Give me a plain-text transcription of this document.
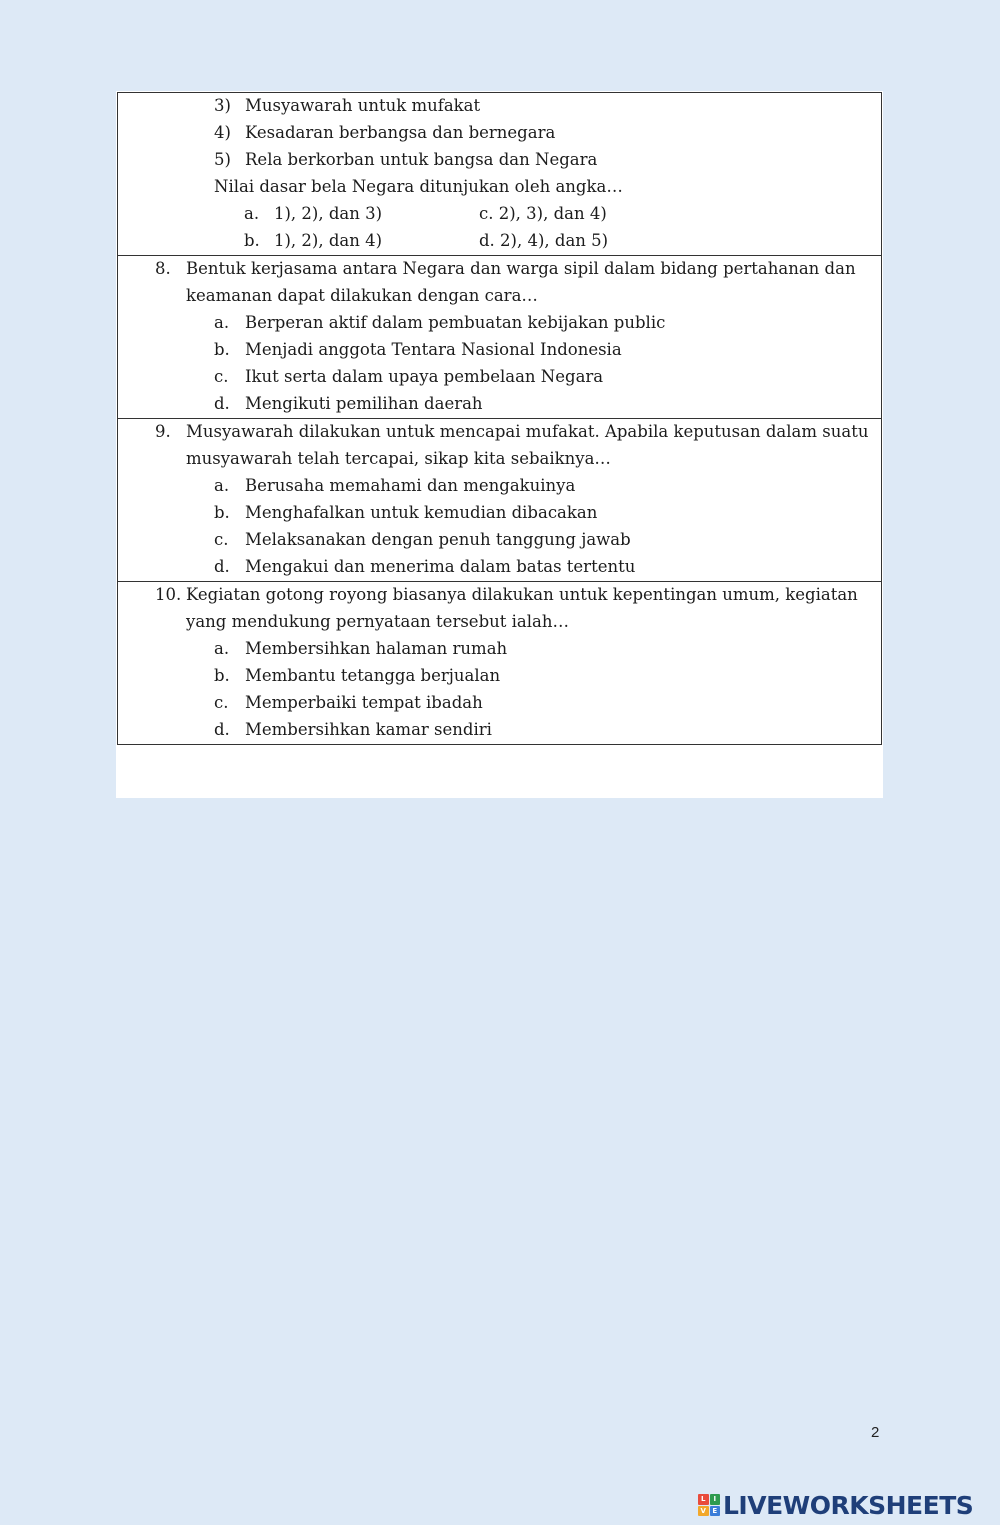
3) Musyawarah untuk mufakat
4) Kesadaran berbangsa dan bernegara
5) Rela berkorban untuk bangsa dan Negara
Nilai dasar bela Negara ditunjukan oleh angka…
a. 1), 2), dan 3)	c. 2), 3), dan 4)
b. 1), 2), dan 4)	d. 2), 4), dan 5)
8. Bentuk kerjasama antara Negara dan warga sipil dalam bidang pertahanan dan
keamanan dapat dilakukan dengan cara…
a. Berperan aktif dalam pembuatan kebijakan public
b. Menjadi anggota Tentara Nasional Indonesia
c. Ikut serta dalam upaya pembelaan Negara
d. Mengikuti pemilihan daerah
9. Musyawarah dilakukan untuk mencapai mufakat. Apabila keputusan dalam suatu
musyawarah telah tercapai, sikap kita sebaiknya…
a. Berusaha memahami dan mengakuinya
b. Menghafalkan untuk kemudian dibacakan
c. Melaksanakan dengan penuh tanggung jawab
d. Mengakui dan menerima dalam batas tertentu
10. Kegiatan gotong royong biasanya dilakukan untuk kepentingan umum, kegiatan
yang mendukung pernyataan tersebut ialah…
a. Membersihkan halaman rumah
b. Membantu tetangga berjualan
c. Memperbaiki tempat ibadah
d. Membersihkan kamar sendiri
2
L	I
V E LIVEWORKSHEETS
